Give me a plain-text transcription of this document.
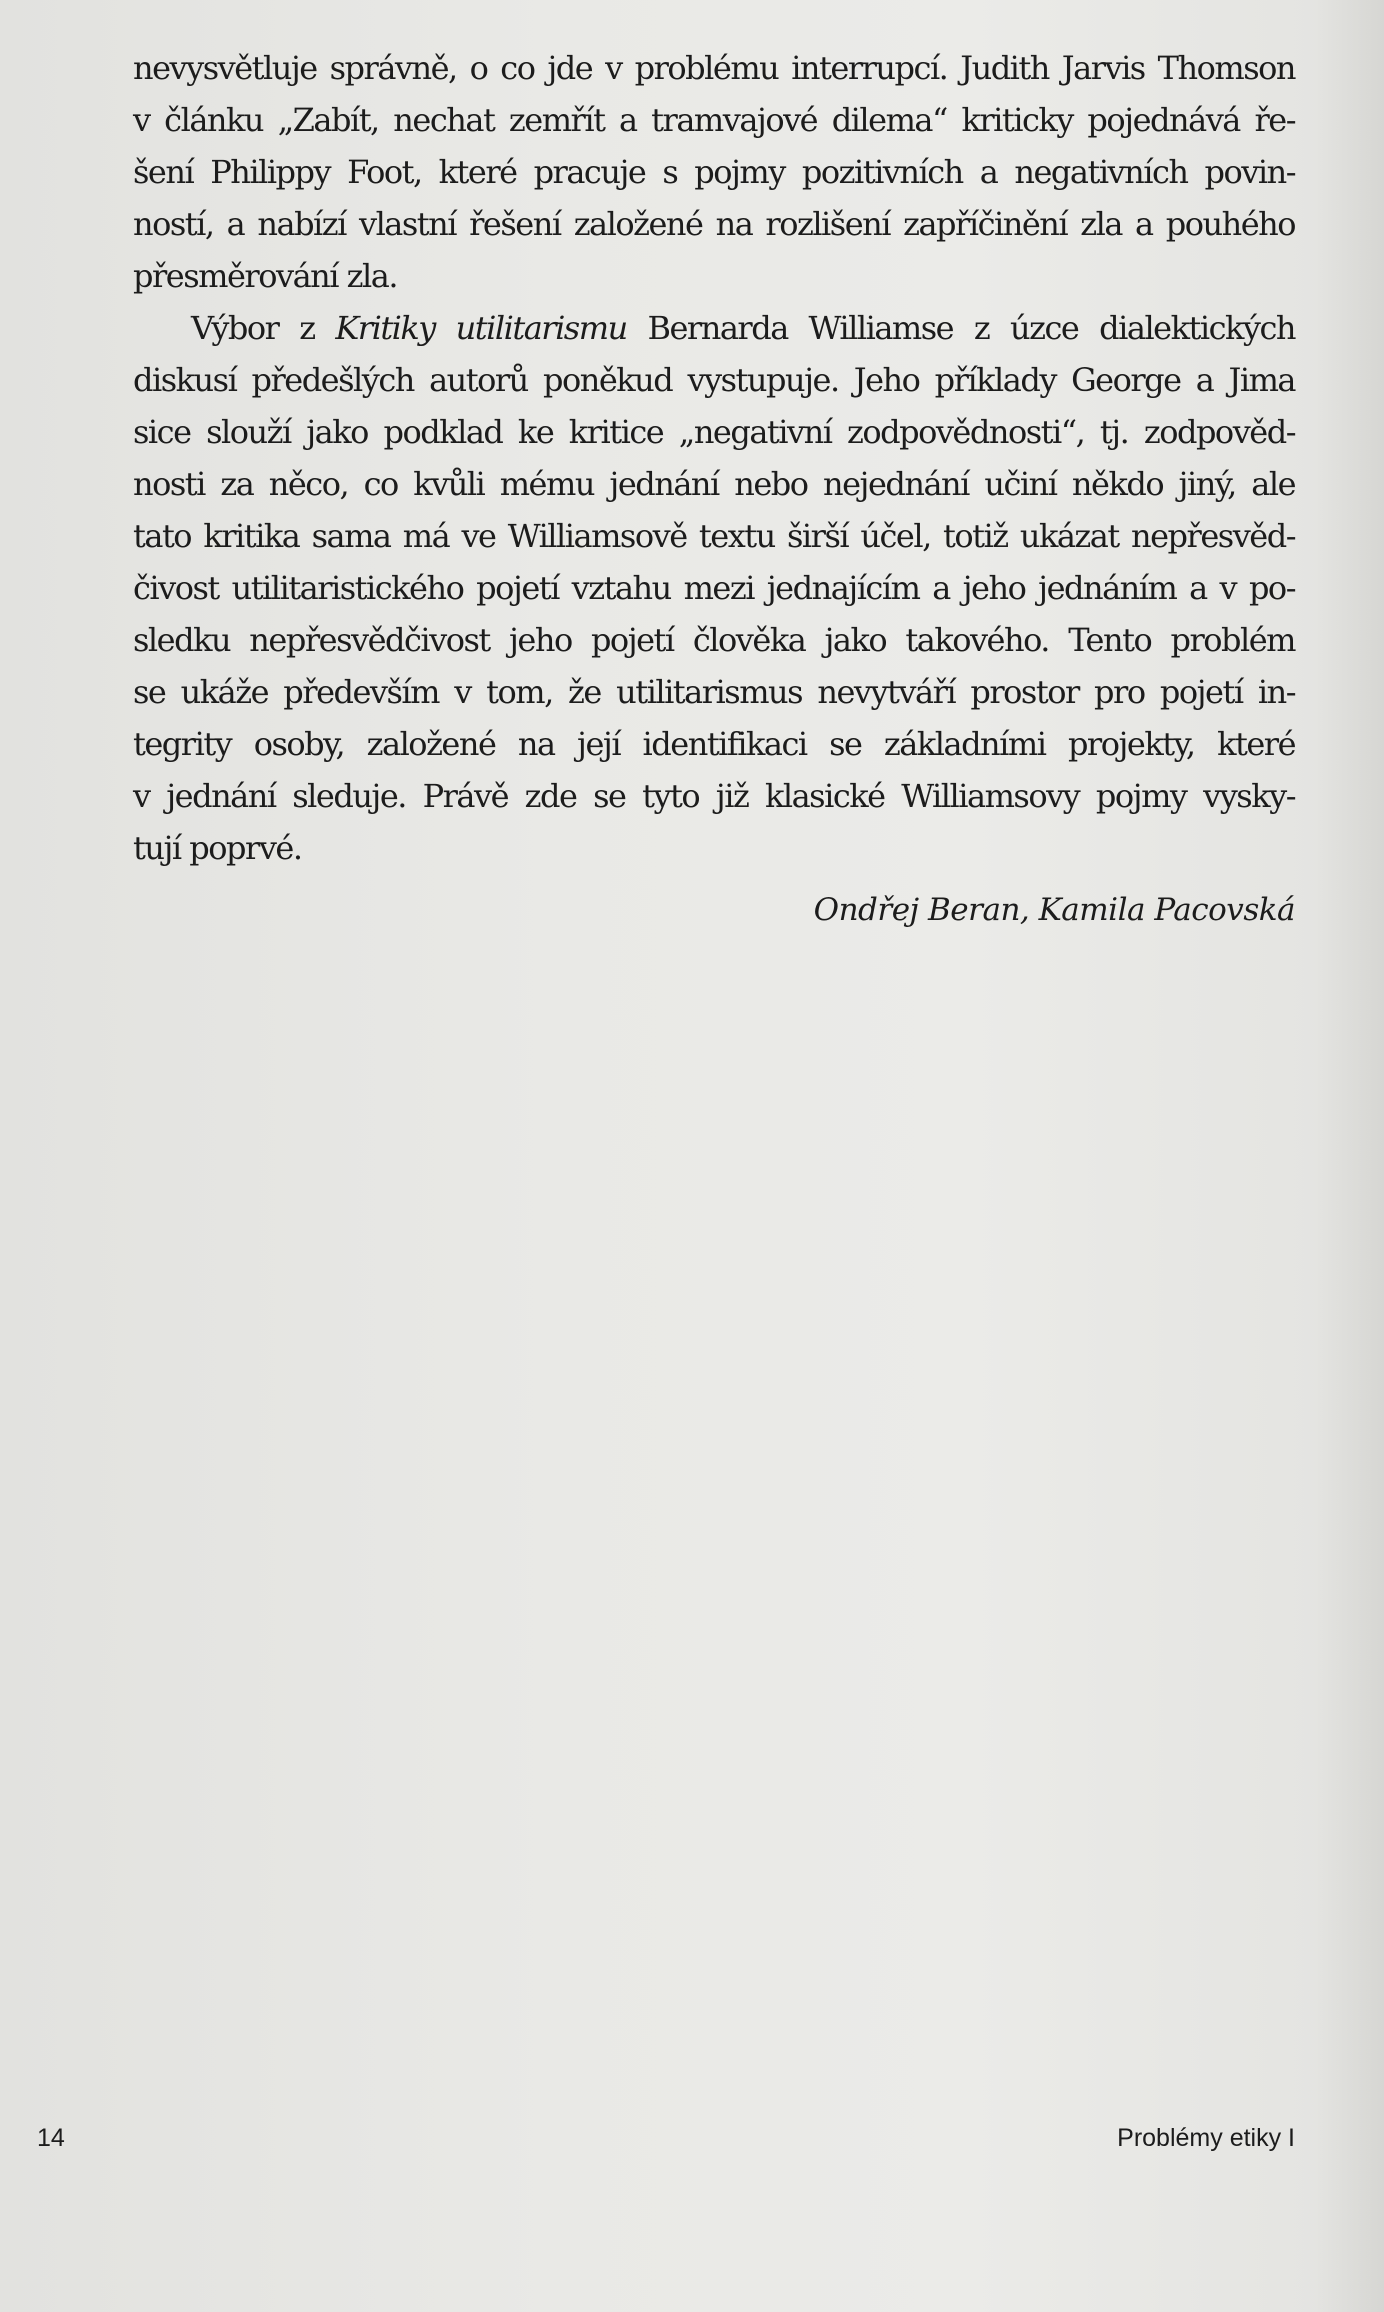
nevysvětluje správně, o co jde v problému interrupcí. Judith Jarvis Thomson
v článku „Zabít, nechat zemřít a tramvajové dilema“ kriticky pojednává ře-
šení Philippy Foot, které pracuje s pojmy pozitivních a negativních povin-
ností, a nabízí vlastní řešení založené na rozlišení zapříčinění zla a pouhého
přesměrování zla.
Výbor z Kritiky utilitarismu Bernarda Williamse z úzce dialektických
diskusí předešlých autorů poněkud vystupuje. Jeho příklady George a Jima
sice slouží jako podklad ke kritice „negativní zodpovědnosti“, tj. zodpověd-
nosti za něco, co kvůli mému jednání nebo nejednání učiní někdo jiný, ale
tato kritika sama má ve Williamsově textu širší účel, totiž ukázat nepřesvěd-
čivost utilitaristického pojetí vztahu mezi jednajícím a jeho jednáním a v po-
sledku nepřesvědčivost jeho pojetí člověka jako takového. Tento problém
se ukáže především v tom, že utilitarismus nevytváří prostor pro pojetí in-
tegrity osoby, založené na její identifikaci se základními projekty, které
v jednání sleduje. Právě zde se tyto již klasické Williamsovy pojmy vysky-
tují poprvé.
Ondřej Beran, Kamila Pacovská
14	Problémy etiky I
